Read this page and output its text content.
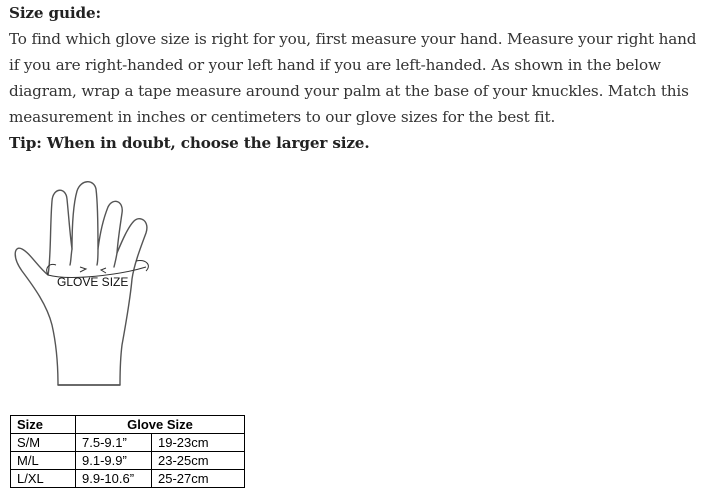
Size guide:

To find which glove size is right for you, first measure your hand. Measure your right hand if you are right-handed or your left hand if you are left-handed. As shown in the below diagram, wrap a tape measure around your palm at the base of your knuckles. Match this measurement in inches or centimeters to our glove sizes for the best fit.

Tip: When in doubt, choose the larger size.

GLOVE SIZE
Size	Glove Size	
S/M	7.5-9.1”	19-23cm
M/L	9.1-9.9”	23-25cm
L/XL	9.9-10.6”	25-27cm
